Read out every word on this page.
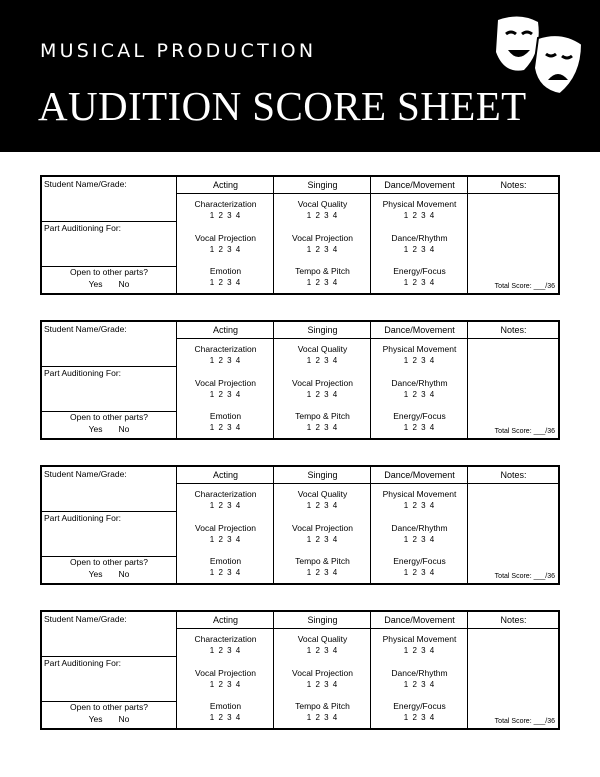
MUSICAL PRODUCTION
AUDITION SCORE SHEET
Student Name/Grade:
Part Auditioning For:
Open to other parts?
Yes No
Acting
Characterization
1 2 3 4
Vocal Projection
1 2 3 4
Emotion
1 2 3 4
Singing
Vocal Quality
1 2 3 4
Vocal Projection
1 2 3 4
Tempo & Pitch
1 2 3 4
Dance/Movement
Physical Movement
1 2 3 4
Dance/Rhythm
1 2 3 4
Energy/Focus
1 2 3 4
Notes:
Total Score: ___/36
Student Name/Grade:
Part Auditioning For:
Open to other parts?
Yes No
Acting
Characterization
1 2 3 4
Vocal Projection
1 2 3 4
Emotion
1 2 3 4
Singing
Vocal Quality
1 2 3 4
Vocal Projection
1 2 3 4
Tempo & Pitch
1 2 3 4
Dance/Movement
Physical Movement
1 2 3 4
Dance/Rhythm
1 2 3 4
Energy/Focus
1 2 3 4
Notes:
Total Score: ___/36
Student Name/Grade:
Part Auditioning For:
Open to other parts?
Yes No
Acting
Characterization
1 2 3 4
Vocal Projection
1 2 3 4
Emotion
1 2 3 4
Singing
Vocal Quality
1 2 3 4
Vocal Projection
1 2 3 4
Tempo & Pitch
1 2 3 4
Dance/Movement
Physical Movement
1 2 3 4
Dance/Rhythm
1 2 3 4
Energy/Focus
1 2 3 4
Notes:
Total Score: ___/36
Student Name/Grade:
Part Auditioning For:
Open to other parts?
Yes No
Acting
Characterization
1 2 3 4
Vocal Projection
1 2 3 4
Emotion
1 2 3 4
Singing
Vocal Quality
1 2 3 4
Vocal Projection
1 2 3 4
Tempo & Pitch
1 2 3 4
Dance/Movement
Physical Movement
1 2 3 4
Dance/Rhythm
1 2 3 4
Energy/Focus
1 2 3 4
Notes:
Total Score: ___/36
